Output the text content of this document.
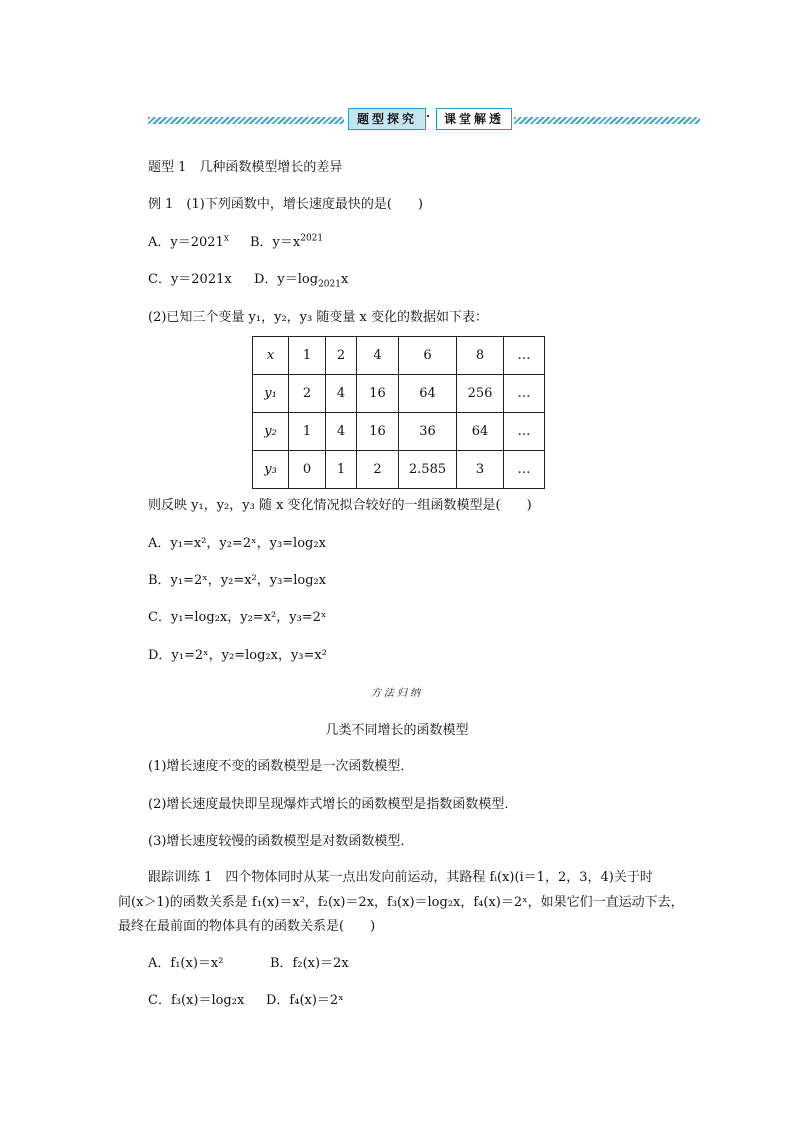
题型探究 ·	课堂解透
题型 1　几种函数模型增长的差异
例 1　(1)下列函数中，增长速度最快的是(　　)
A．$y=2021^x$ B．$y=x^{2021}$
C．y＝2021x D．$y=\log_{2021}x$
(2)已知三个变量 y₁，y₂，y₃ 随变量 x 变化的数据如下表：
x	1	2	4	6	8	…
y₁	2	4	16	64	256	…
y₂	1	4	16	36	64	…
y₃	0	1	2	2.585	3	…
则反映 y₁，y₂，y₃ 随 x 变化情况拟合较好的一组函数模型是(　　)
A．y₁=x²，y₂=2ˣ，y₃=log₂x
B．y₁=2ˣ，y₂=x²，y₃=log₂x
C．y₁=log₂x，y₂=x²，y₃=2ˣ
D．y₁=2ˣ，y₂=log₂x，y₃=x²
方法归纳
几类不同增长的函数模型
(1)增长速度不变的函数模型是一次函数模型．
(2)增长速度最快即呈现爆炸式增长的函数模型是指数函数模型．
(3)增长速度较慢的函数模型是对数函数模型．
跟踪训练 1　四个物体同时从某一点出发向前运动，其路程 fᵢ(x)(i＝1，2，3，4)关于时
间(x＞1)的函数关系是 f₁(x)＝x²，f₂(x)＝2x，f₃(x)＝log₂x，f₄(x)＝2ˣ，如果它们一直运动下去，
最终在最前面的物体具有的函数关系是(　　)
A．f₁(x)＝x²	B．f₂(x)＝2x
C．f₃(x)＝log₂x D．f₄(x)＝2ˣ
